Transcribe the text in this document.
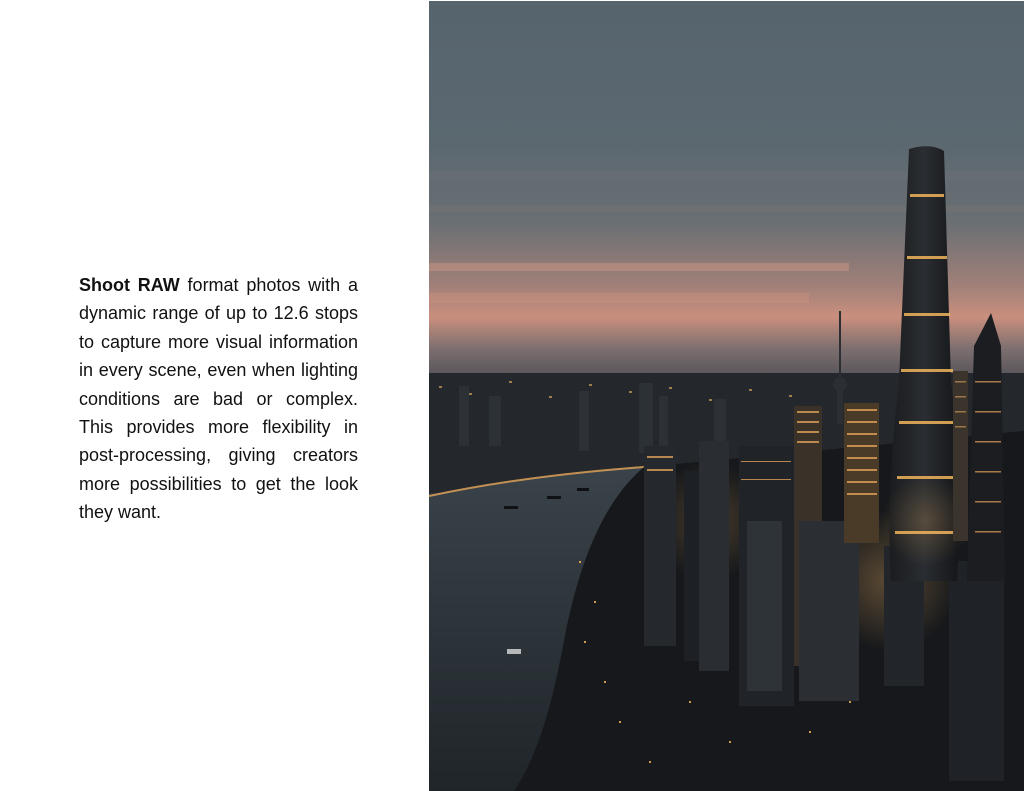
Shoot RAW format photos with a dynamic range of up to 12.6 stops to capture more visual information in every scene, even when lighting conditions are bad or complex. This provides more flexibility in post-processing, giving creators more possibilities to get the look they want.
